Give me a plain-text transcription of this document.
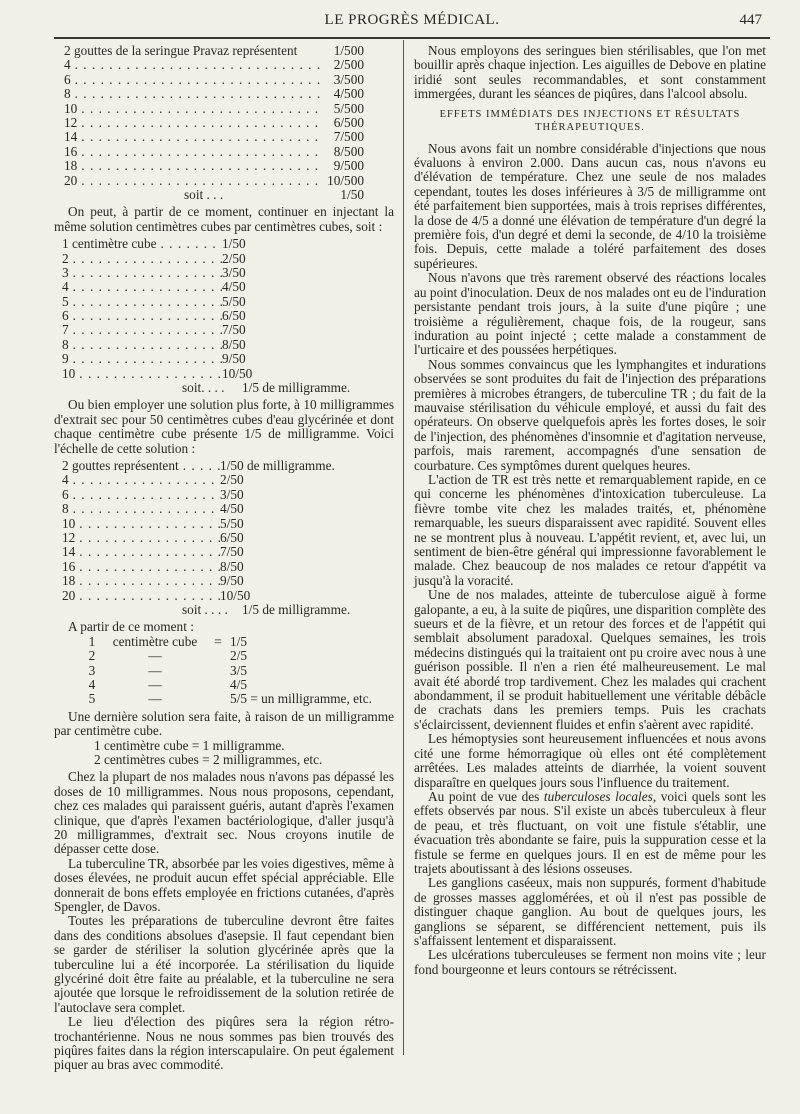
LE PROGRÈS MÉDICAL.	447
2 gouttes de la seringue Pravaz représentent	1/500
4 . . .	2/500
6 . . .	3/500
8 . . .	4/500
10 . . .	5/500
12 . . .	6/500
14 . . .	7/500
16 . . .	8/500
18 . . .	9/500
20 . . .	10/500
soit . . .	1/50

On peut, à partir de ce moment, continuer en injectant la même solution centimètres cubes par centimètres cubes, soit :

1 centimètre cube . . .	1/50
2 . . .	2/50
3 . . .	3/50
4 . . .	4/50
5 . . .	5/50
6 . . .	6/50
7 . . .	7/50
8 . . .	8/50
9 . . .	9/50
10 . . .	10/50
soit. . . . 1/5 de milligramme.

Ou bien employer une solution plus forte, à 10 milligrammes d'extrait sec pour 50 centimètres cubes d'eau glycérinée et dont chaque centimètre cube présente 1/5 de milligramme. Voici l'échelle de cette solution :

2 gouttes représentent . . .	1/50 de milligramme.
4 . . .	2/50
6 . . .	3/50
8 . . .	4/50
10 . . .	5/50
12 . . .	6/50
14 . . .	7/50
16 . . .	8/50
18 . . .	9/50
20 . . .	10/50
soit . . . . 1/5 de milligramme.

A partir de ce moment :

1	centimètre cube	= 1/5
2	—	2/5
3	—	3/5
4	—	4/5
5	—	5/5 = un milligramme, etc.

Une dernière solution sera faite, à raison de un milligramme par centimètre cube.

1 centimètre cube = 1 milligramme.
2 centimètres cubes = 2 milligrammes, etc.

Chez la plupart de nos malades nous n'avons pas dépassé les doses de 10 milligrammes. Nous nous proposons, cependant, chez ces malades qui paraissent guéris, autant d'après l'examen clinique, que d'après l'examen bactériologique, d'aller jusqu'à 20 milligrammes, d'extrait sec. Nous croyons inutile de dépasser cette dose.

La tuberculine TR, absorbée par les voies digestives, même à doses élevées, ne produit aucun effet spécial appréciable. Elle donnerait de bons effets employée en frictions cutanées, d'après Spengler, de Davos.

Toutes les préparations de tuberculine devront être faites dans des conditions absolues d'asepsie. Il faut cependant bien se garder de stériliser la solution glycérinée après que la tuberculine lui a été incorporée. La stérilisation du liquide glycériné doit être faite au préalable, et la tuberculine ne sera ajoutée que lorsque le refroidissement de la solution retirée de l'autoclave sera complet.

Le lieu d'élection des piqûres sera la région rétro-trochantérienne. Nous ne nous sommes pas bien trouvés des piqûres faites dans la région interscapulaire. On peut également piquer au bras avec commodité.

Nous employons des seringues bien stérilisables, que l'on met bouillir après chaque injection. Les aiguilles de Debove en platine iridié sont seules recommandables, et sont constamment immergées, durant les séances de piqûres, dans l'alcool absolu.

EFFETS IMMÉDIATS DES INJECTIONS ET RÉSULTATS THÉRAPEUTIQUES.

Nous avons fait un nombre considérable d'injections que nous évaluons à environ 2.000. Dans aucun cas, nous n'avons eu d'élévation de température. Chez une seule de nos malades cependant, toutes les doses inférieures à 3/5 de milligramme ont été parfaitement bien supportées, mais à trois reprises différentes, la dose de 4/5 a donné une élévation de température d'un degré la première fois, d'un degré et demi la seconde, de 4/10 la troisième fois. Depuis, cette malade a toléré parfaitement des doses supérieures.

Nous n'avons que très rarement observé des réactions locales au point d'inoculation. Deux de nos malades ont eu de l'induration persistante pendant trois jours, à la suite d'une piqûre ; une troisième a régulièrement, chaque fois, de la rougeur, sans induration au point injecté ; cette malade a constamment de l'urticaire et des poussées herpétiques.

Nous sommes convaincus que les lymphangites et indurations observées se sont produites du fait de l'injection des préparations premières à microbes étrangers, de tuberculine TR ; du fait de la mauvaise stérilisation du véhicule employé, et aussi du fait des opérateurs. On observe quelquefois après les fortes doses, le soir de l'injection, des phénomènes d'insomnie et d'agitation nerveuse, parfois, mais rarement, accompagnés d'une sensation de courbature. Ces symptômes durent quelques heures.

L'action de TR est très nette et remarquablement rapide, en ce qui concerne les phénomènes d'intoxication tuberculeuse. La fièvre tombe vite chez les malades traités, et, phénomène remarquable, les sueurs disparaissent avec rapidité. Souvent elles ne se montrent plus à nouveau. L'appétit revient, et, avec lui, un sentiment de bien-être général qui impressionne favorablement le malade. Chez beaucoup de nos malades ce retour d'appétit va jusqu'à la voracité.

Une de nos malades, atteinte de tuberculose aiguë à forme galopante, a eu, à la suite de piqûres, une disparition complète des sueurs et de la fièvre, et un retour des forces et de l'appétit qui semblait absolument paradoxal. Quelques semaines, les trois médecins distingués qui la traitaient ont pu croire avec nous à une guérison possible. Il n'en a rien été malheureusement. Le mal avait été abordé trop tardivement. Chez les malades qui crachent abondamment, il se produit habituellement une véritable débâcle de crachats dans les premiers temps. Puis les crachats s'éclaircissent, deviennent fluides et enfin s'aèrent avec rapidité.

Les hémoptysies sont heureusement influencées et nous avons cité une forme hémorragique où elles ont été complètement arrêtées. Les malades atteints de diarrhée, la voient souvent disparaître en quelques jours sous l'influence du traitement.

Au point de vue des tuberculoses locales, voici quels sont les effets observés par nous. S'il existe un abcès tuberculeux à fleur de peau, et très fluctuant, on voit une fistule s'établir, une évacuation très abondante se faire, puis la suppuration cesse et la fistule se ferme en quelques jours. Il en est de même pour les trajets aboutissant à des lésions osseuses.

Les ganglions caséeux, mais non suppurés, forment d'habitude de grosses masses agglomérées, et où il n'est pas possible de distinguer chaque ganglion. Au bout de quelques jours, les ganglions se séparent, se différencient nettement, puis ils s'affaissent lentement et disparaissent.

Les ulcérations tuberculeuses se ferment non moins vite ; leur fond bourgeonne et leurs contours se rétrécissent.
